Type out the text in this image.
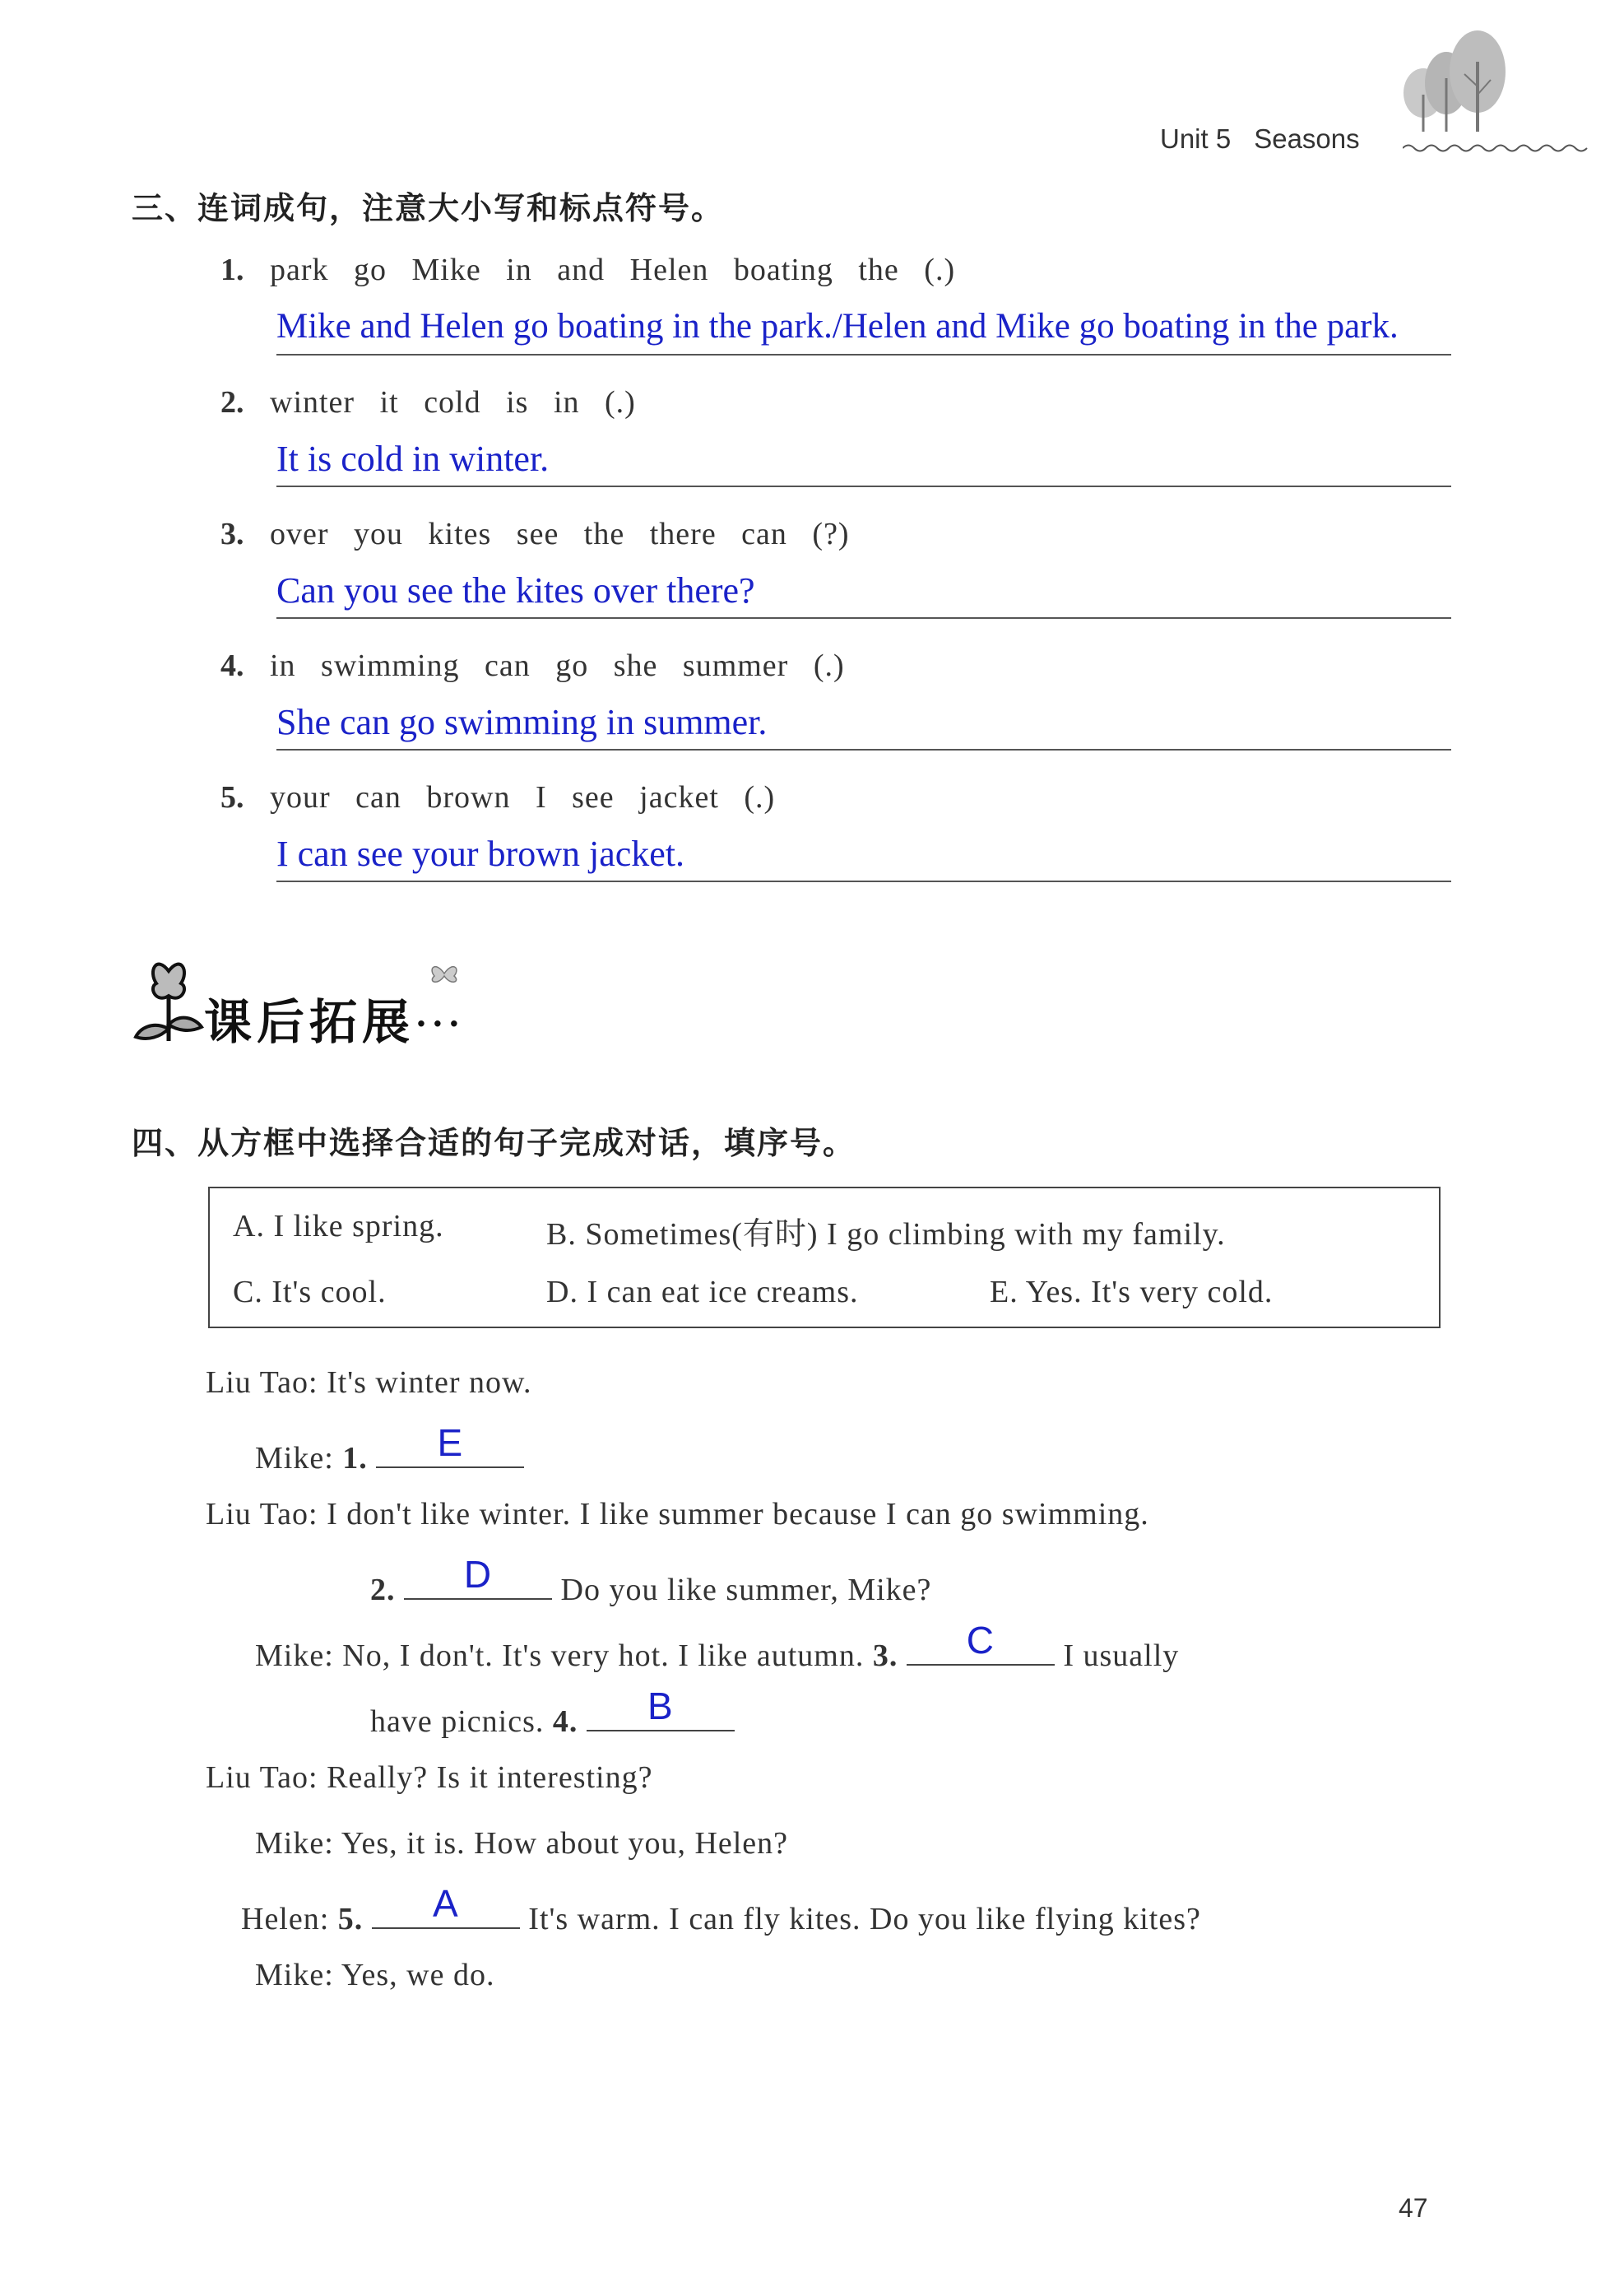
Unit 5 Seasons
三、连词成句，注意大小写和标点符号。
1. park go Mike in and Helen boating the (.)
Mike and Helen go boating in the park./Helen and Mike go boating in the park.
2. winter it cold is in (.)
It is cold in winter.
3. over you kites see the there can (?)
Can you see the kites over there?
4. in swimming can go she summer (.)
She can go swimming in summer.
5. your can brown I see jacket (.)
I can see your brown jacket.
课后拓展 ...
四、从方框中选择合适的句子完成对话，填序号。
A. I like spring.	B. Sometimes(有时) I go climbing with my family.
C. It's cool.	D. I can eat ice creams.	E. Yes. It's very cold.
Liu Tao: It's winter now.
Mike: 1.	E
Liu Tao: I don't like winter. I like summer because I can go swimming.
2.	D	Do you like summer, Mike?
Mike: No, I don't. It's very hot. I like autumn. 3.	C	I usually
have picnics. 4.	B
Liu Tao: Really? Is it interesting?
Mike: Yes, it is. How about you, Helen?
Helen: 5.	A	It's warm. I can fly kites. Do you like flying kites?
Mike: Yes, we do.
47
